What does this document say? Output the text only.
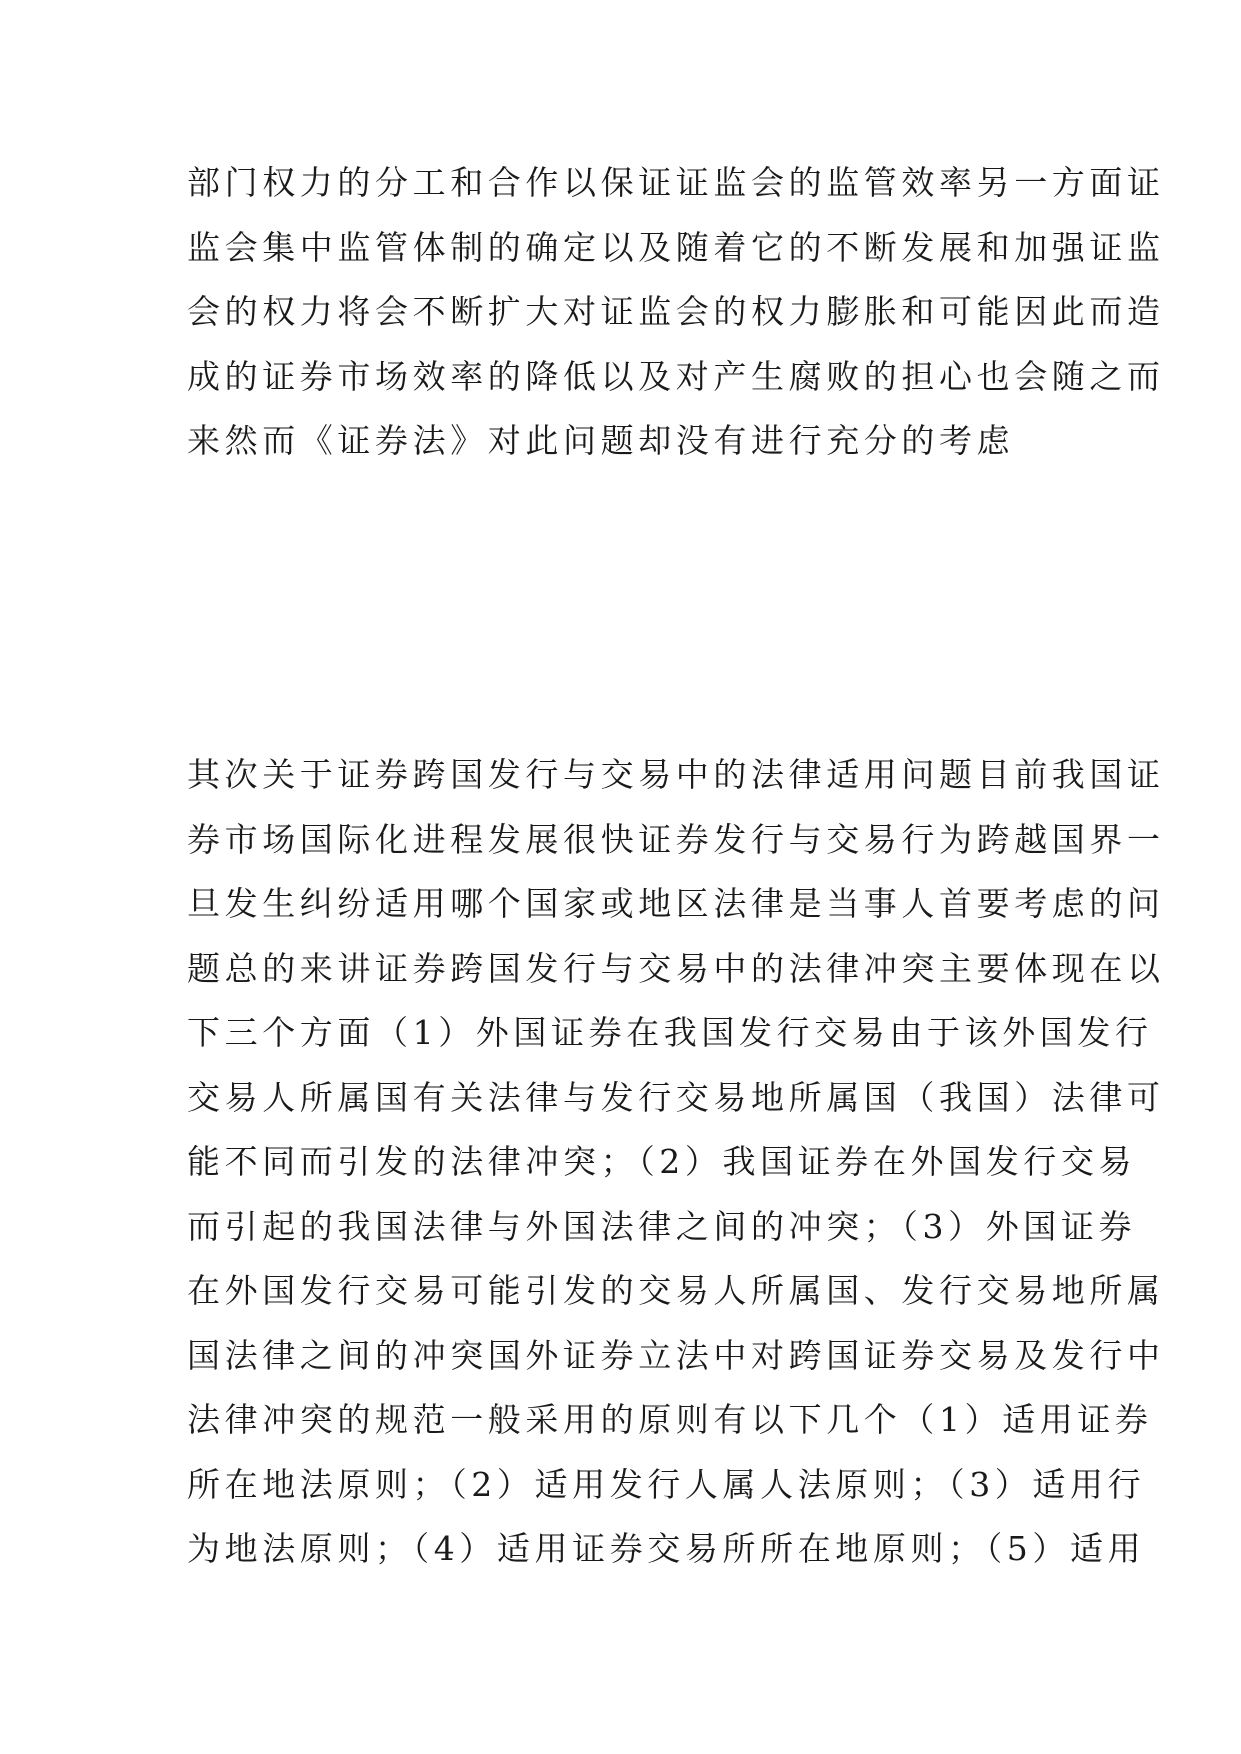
部门权力的分工和合作以保证证监会的监管效率另一方面证
监会集中监管体制的确定以及随着它的不断发展和加强证监
会的权力将会不断扩大对证监会的权力膨胀和可能因此而造
成的证券市场效率的降低以及对产生腐败的担心也会随之而
来然而《证券法》对此问题却没有进行充分的考虑
其次关于证券跨国发行与交易中的法律适用问题目前我国证
券市场国际化进程发展很快证券发行与交易行为跨越国界一
旦发生纠纷适用哪个国家或地区法律是当事人首要考虑的问
题总的来讲证券跨国发行与交易中的法律冲突主要体现在以
下三个方面（1）外国证券在我国发行交易由于该外国发行
交易人所属国有关法律与发行交易地所属国（我国）法律可
能不同而引发的法律冲突；（2）我国证券在外国发行交易
而引起的我国法律与外国法律之间的冲突；（3）外国证券
在外国发行交易可能引发的交易人所属国、发行交易地所属
国法律之间的冲突国外证券立法中对跨国证券交易及发行中
法律冲突的规范一般采用的原则有以下几个（1）适用证券
所在地法原则；（2）适用发行人属人法原则；（3）适用行
为地法原则；（4）适用证券交易所所在地原则；（5）适用
